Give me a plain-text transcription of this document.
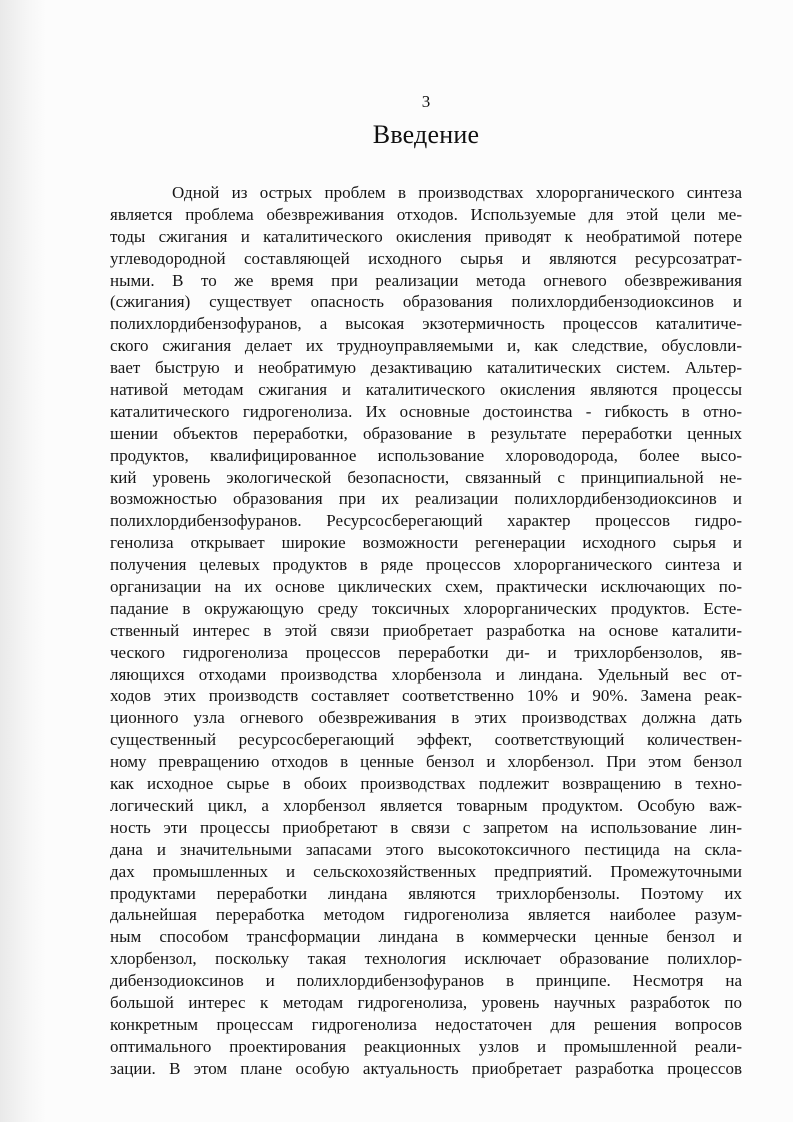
3
Введение
Одной из острых проблем в производствах хлорорганического синтеза
является проблема обезвреживания отходов. Используемые для этой цели ме-
тоды сжигания и каталитического окисления приводят к необратимой потере
углеводородной составляющей исходного сырья и являются ресурсозатрат-
ными. В то же время при реализации метода огневого обезвреживания
(сжигания) существует опасность образования полихлордибензодиоксинов и
полихлордибензофуранов, а высокая экзотермичность процессов каталитиче-
ского сжигания делает их трудноуправляемыми и, как следствие, обусловли-
вает быструю и необратимую дезактивацию каталитических систем. Альтер-
нативой методам сжигания и каталитического окисления являются процессы
каталитического гидрогенолиза. Их основные достоинства - гибкость в отно-
шении объектов переработки, образование в результате переработки ценных
продуктов, квалифицированное использование хлороводорода, более высо-
кий уровень экологической безопасности, связанный с принципиальной не-
возможностью образования при их реализации полихлордибензодиоксинов и
полихлордибензофуранов. Ресурсосберегающий характер процессов гидро-
генолиза открывает широкие возможности регенерации исходного сырья и
получения целевых продуктов в ряде процессов хлорорганического синтеза и
организации на их основе циклических схем, практически исключающих по-
падание в окружающую среду токсичных хлорорганических продуктов. Есте-
ственный интерес в этой связи приобретает разработка на основе каталити-
ческого гидрогенолиза процессов переработки ди- и трихлорбензолов, яв-
ляющихся отходами производства хлорбензола и линдана. Удельный вес от-
ходов этих производств составляет соответственно 10% и 90%. Замена реак-
ционного узла огневого обезвреживания в этих производствах должна дать
существенный ресурсосберегающий эффект, соответствующий количествен-
ному превращению отходов в ценные бензол и хлорбензол. При этом бензол
как исходное сырье в обоих производствах подлежит возвращению в техно-
логический цикл, а хлорбензол является товарным продуктом. Особую важ-
ность эти процессы приобретают в связи с запретом на использование лин-
дана и значительными запасами этого высокотоксичного пестицида на скла-
дах промышленных и сельскохозяйственных предприятий. Промежуточными
продуктами переработки линдана являются трихлорбензолы. Поэтому их
дальнейшая переработка методом гидрогенолиза является наиболее разум-
ным способом трансформации линдана в коммерчески ценные бензол и
хлорбензол, поскольку такая технология исключает образование полихлор-
дибензодиоксинов и полихлордибензофуранов в принципе. Несмотря на
большой интерес к методам гидрогенолиза, уровень научных разработок по
конкретным процессам гидрогенолиза недостаточен для решения вопросов
оптимального проектирования реакционных узлов и промышленной реали-
зации. В этом плане особую актуальность приобретает разработка процессов
